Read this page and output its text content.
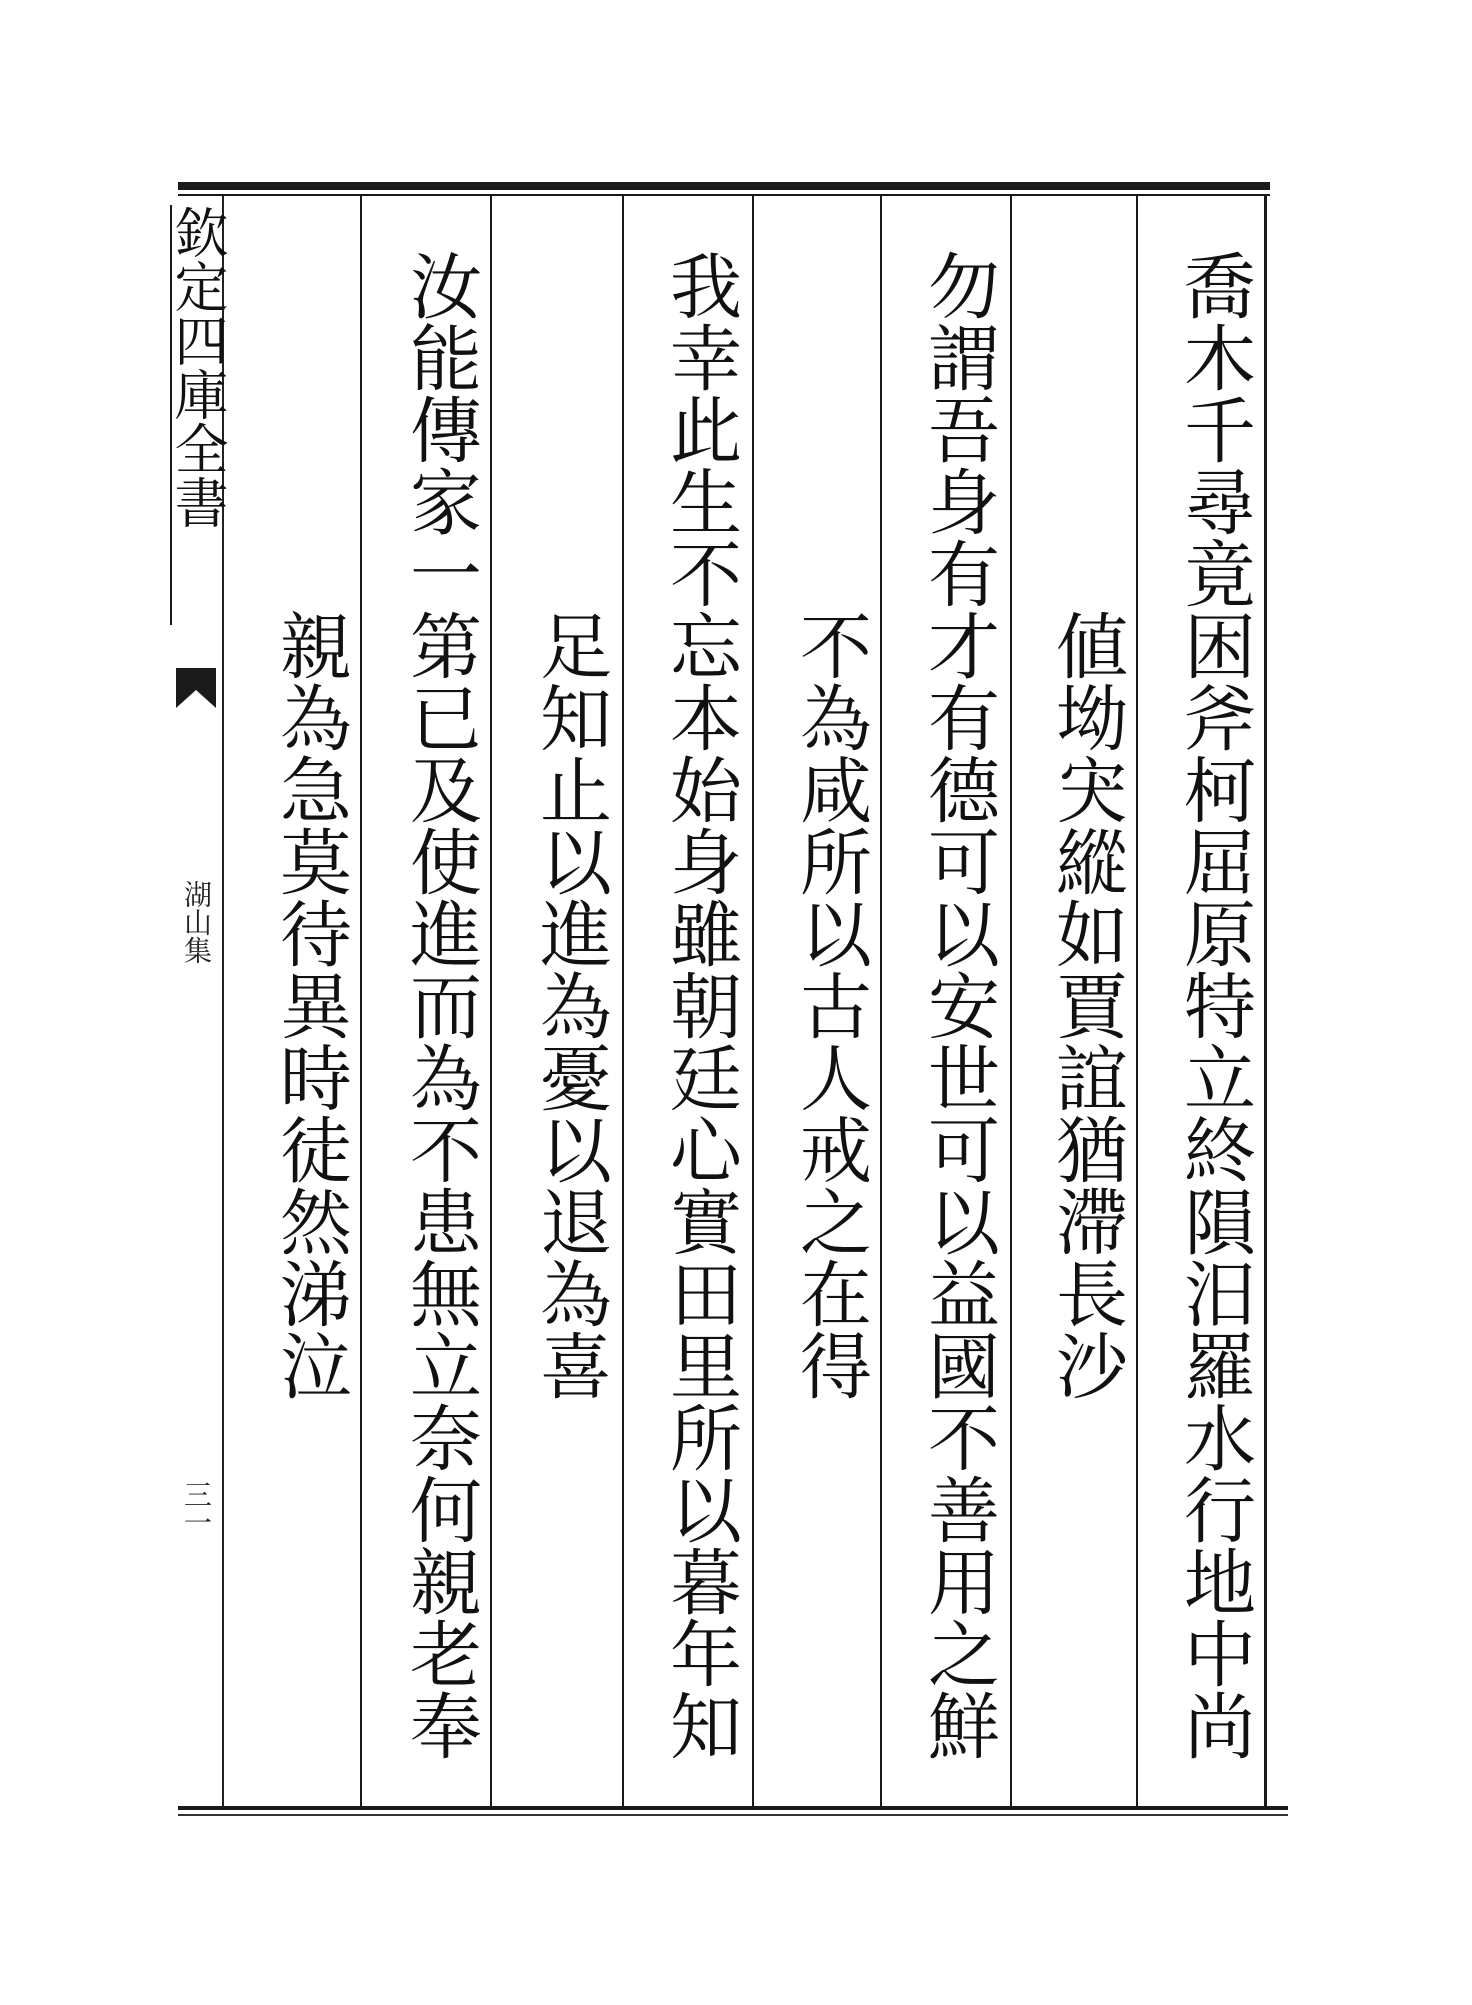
欽定四庫全書
湖山集
三一	喬木千尋竟困斧柯屈原特立終隕汨羅水行地中尚
値坳宊縱如賈誼猶滯長沙
勿謂吾身有才有德可以安世可以益國不善用之鮮
不為咸所以古人戒之在得
我幸此生不忘本始身雖朝廷心實田里所以暮年知
足知止以進為憂以退為喜
汝能傳家一第已及使進而為不患無立奈何親老奉
親為急莫待異時徒然涕泣
